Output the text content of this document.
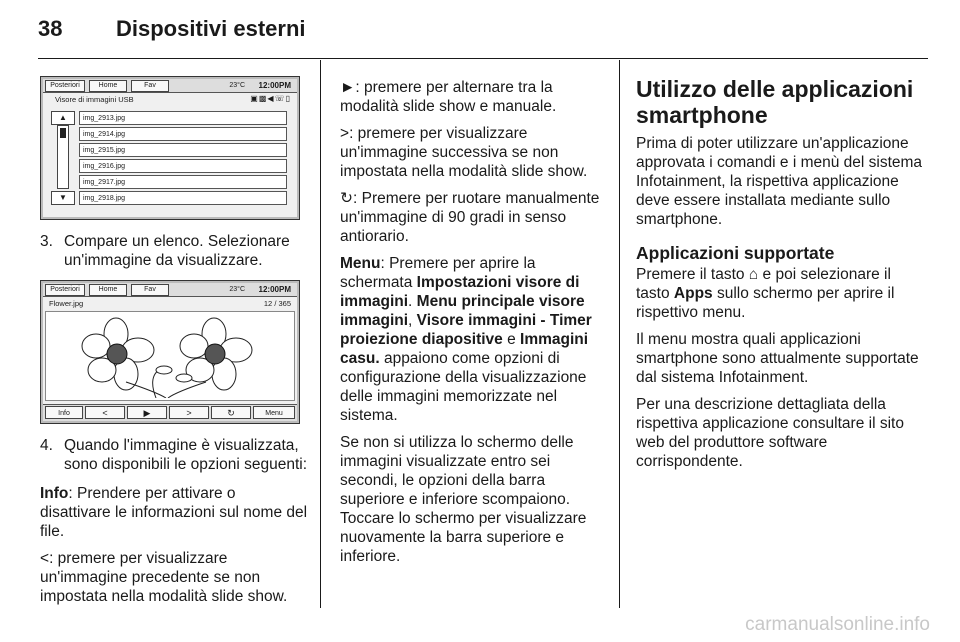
38 Dispositivi esterni
Posteriori	Home	Fav	23°C 12:00PM
Visore di immagini USB	▣▩◀☏▯
▲
▼
img_2913.jpg
img_2914.jpg
img_2915.jpg
img_2916.jpg
img_2917.jpg
img_2918.jpg
3. Compare un elenco. Selezionare un'immagine da visualizzare.
Posteriori	Home	Fav	23°C 12:00PM
Flower.jpg	12 / 365
Info	<	▶	>	↻	Menu
4. Quando l'immagine è visualizzata, sono disponibili le opzioni seguenti:

Info: Prendere per attivare o disattivare le informazioni sul nome del file.

<: premere per visualizzare un'immagine precedente se non impostata nella modalità slide show.

►: premere per alternare tra la modalità slide show e manuale.

>: premere per visualizzare un'immagine successiva se non impostata nella modalità slide show.

↻: Premere per ruotare manualmente un'immagine di 90 gradi in senso antiorario.

Menu: Premere per aprire la schermata Impostazioni visore di immagini. Menu principale visore immagini, Visore immagini - Timer proiezione diapositive e Immagini casu. appaiono come opzioni di configurazione della visualizzazione delle immagini memorizzate nel sistema.

Se non si utilizza lo schermo delle immagini visualizzate entro sei secondi, le opzioni della barra superiore e inferiore scompaiono. Toccare lo schermo per visualizzare nuovamente la barra superiore e inferiore.

Utilizzo delle applicazioni smartphone

Prima di poter utilizzare un'applicazione approvata i comandi e i menù del sistema Infotainment, la rispettiva applicazione deve essere installata mediante sullo smartphone.

Applicazioni supportate

Premere il tasto ⌂ e poi selezionare il tasto Apps sullo schermo per aprire il rispettivo menu.

Il menu mostra quali applicazioni smartphone sono attualmente supportate dal sistema Infotainment.

Per una descrizione dettagliata della rispettiva applicazione consultare il sito web del produttore software corrispondente.

carmanualsonline.info
